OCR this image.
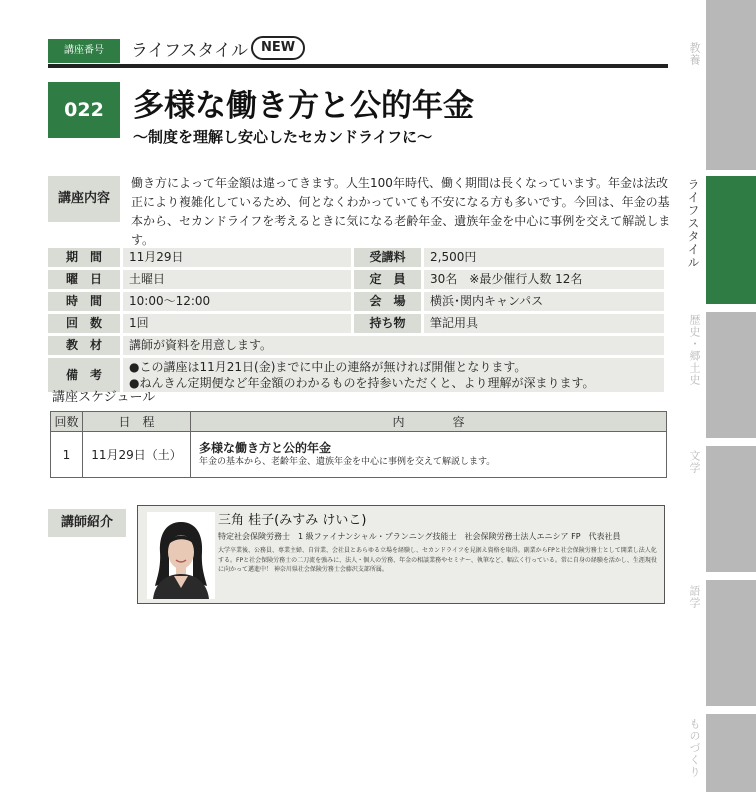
講座番号	ライフスタイル	NEW
022 多様な働き方と公的年金
〜制度を理解し安心したセカンドライフに〜
講座内容
働き方によって年金額は違ってきます。人生100年時代、働く期間は長くなっています。年金は法改正により複雑化しているため、何となくわかっていても不安になる方も多いです。今回は、年金の基本から、セカンドライフを考えるときに気になる老齢年金、遺族年金を中心に事例を交えて解説します。
期　間	11月29日	受講料	2,500円
曜　日	土曜日	定　員	30名　※最少催行人数 12名
時　間	10:00〜12:00	会　場	横浜･関内キャンパス
回　数	1回	持ち物	筆記用具
教　材	講師が資料を用意します。		
備　考	●この講座は11月21日(金)までに中止の連絡が無ければ開催となります。
●ねんきん定期便など年金額のわかるものを持参いただくと、より理解が深まります。		
講座スケジュール
回数	日　程	内　　　　容
1	11月29日（土）	多様な働き方と公的年金
年金の基本から、老齢年金、遺族年金を中心に事例を交えて解説します。
講師紹介	三角 桂子(みすみ けいこ)
特定社会保険労務士　1 級ファイナンシャル・プランニング技能士　社会保険労務士法人エニシア FP　代表社員
大学卒業後、公務員、専業主婦、自営業、会社員とあらゆる立場を経験し、セカンドライフを見据え資格を取得。副業からFPと社会保険労務士として開業し法人化する。FPと社会保険労務士の二刀流を強みに、法人・個人の労務、年金の相談業務やセミナー、執筆など、幅広く行っている。常に自身の経験を活かし、生涯現役に向かって邁進中！ 神奈川県社会保険労務士会藤沢支部所属。
教養
ライフスタイル
歴史・郷土史
文学
語学
ものづくり
